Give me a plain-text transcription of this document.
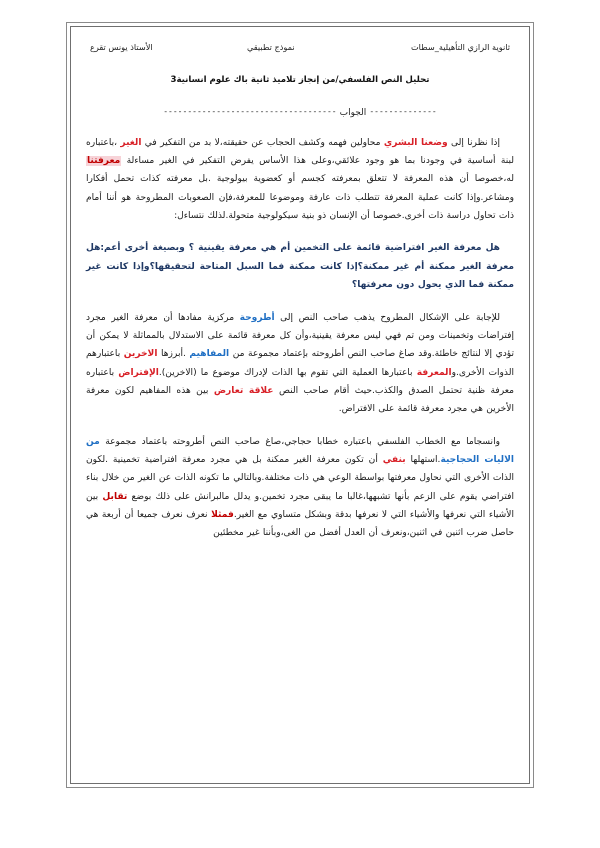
ثانوية الرازي التأهيلية_سطات
نموذج تطبيقي
الأستاذ يونس تقرع
تحليل النص الفلسفي/من إنجاز تلاميذ ثانية باك علوم انسانية3
--------------الجواب------------------------------------

إذا نظرنا إلى وضعنا البشري محاولين فهمه وكشف الحجاب عن حقيقته،لا بد من التفكير في الغير ،باعتباره لبنة أساسية في وجودنا بما هو وجود علائقي،وعلى هذا الأساس يفرض التفكير في الغير مساءلة معرفتنا له،خصوصا أن هذه المعرفة لا تتعلق بمعرفته كجسم أو كعضوية بيولوجية .بل معرفته كذات تحمل أفكارا ومشاعر.وإذا كانت عملية المعرفة تتطلب ذات عارفة وموضوعا للمعرفة،فإن الصعوبات المطروحة هو أننا أمام ذات تحاول دراسة ذات أخرى.خصوصا أن الإنسان ذو بنية سيكولوجية متحولة.لذلك نتساءل:

هل معرفة الغير افتراضية قائمة على التخمين أم هي معرفة يقينية ؟ وبصيغة أخرى أعم:هل معرفة الغير ممكنة أم غير ممكنة؟إذا كانت ممكنة فما السبل المتاحة لتحقيقها؟وإذا كانت غير ممكنة فما الذي يحول دون معرفتها؟

للإجابة على الإشكال المطروح يذهب صاحب النص إلى أطروحة مركزية مفادها أن معرفة الغير مجرد إفتراضات وتخمينات ومن تم فهي ليس معرفة يقينية،وأن كل معرفة قائمة على الاستدلال بالمماثلة لا يمكن أن تؤدي إلا لنتائج خاطئة.وقد صاغ صاحب النص أطروحته بإعتماد مجموعة من المفاهيم .أبرزها الاخرين باعتبارهم الذوات الأخرى.والمعرفة باعتبارها العملية التي تقوم بها الذات لإدراك موضوع ما (الاخرين).الإفتراض باعتباره معرفة ظنية تحتمل الصدق والكذب.حيث أقام صاحب النص علاقة تعارض بين هذه المفاهيم لكون معرفة الأخرين هي مجرد معرفة قائمة على الافتراض.

وانسجاما مع الخطاب الفلسفي باعتباره خطابا حجاجي،صاغ صاحب النص أطروحته باعتماد مجموعة من الاليات الحجاجية.استهلها بنفي أن تكون معرفة الغير ممكنة بل هي مجرد معرفة افتراضية تخمينية .لكون الذات الأخرى التي نحاول معرفتها بواسطة الوعي هي ذات مختلفة.وبالتالي ما تكونه الذات عن الغير من خلال بناء افتراضي يقوم على الزعم بأنها تشبهها،غالبا ما يبقى مجرد تخمين.و يدلل مالبرانش على ذلك بوضع تقابل بين الأشياء التي نعرفها والأشياء التي لا نعرفها بدقة وبشكل متساوي مع الغير.فمثلا نعرف نعرف جميعا أن أربعة هي حاصل ضرب اثنين في اثنين،ونعرف أن العدل أفضل من الغى،وبأننا غير مخطئين
